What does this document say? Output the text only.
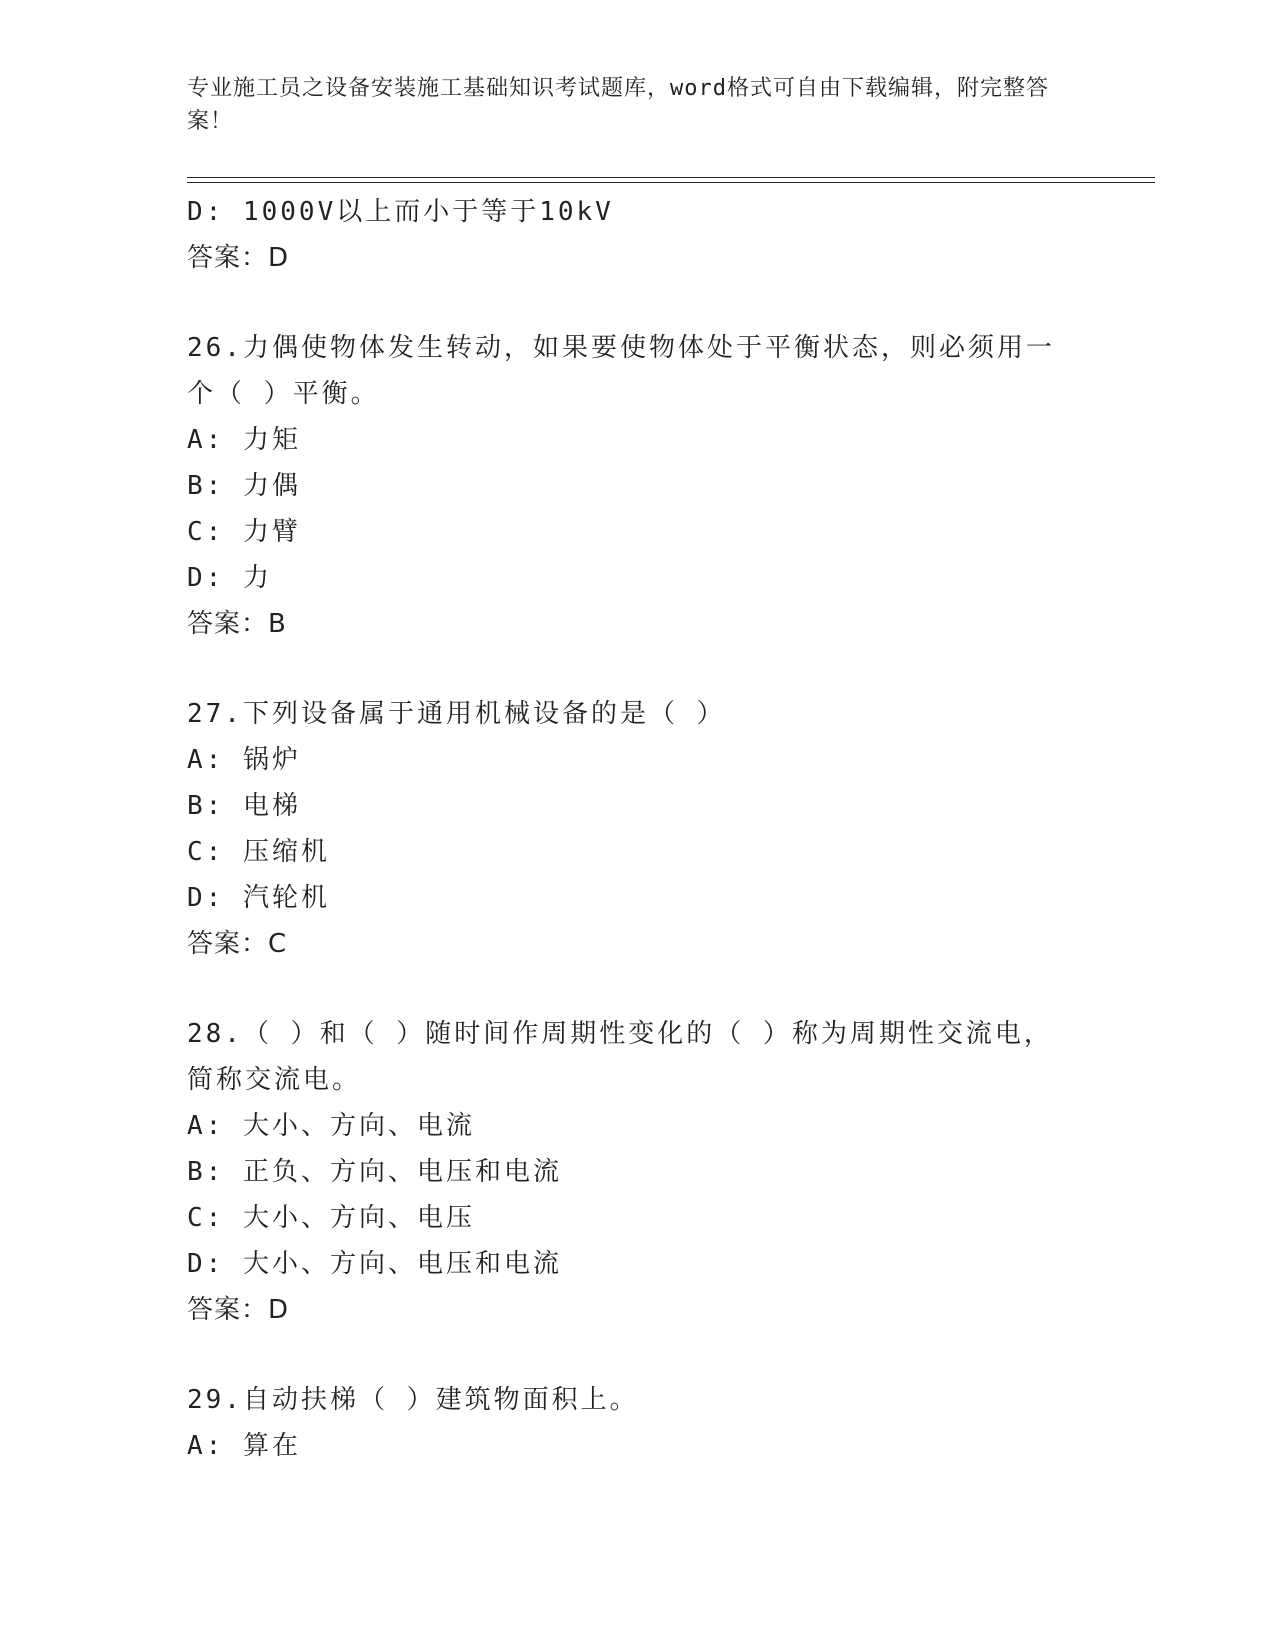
专业施工员之设备安装施工基础知识考试题库，word格式可自由下载编辑，附完整答案！
D: 1000V以上而小于等于10kV
答案：D
26.力偶使物体发生转动，如果要使物体处于平衡状态，则必须用一个（ ）平衡。
A: 力矩
B: 力偶
C: 力臂
D: 力
答案：B
27.下列设备属于通用机械设备的是（ ）
A: 锅炉
B: 电梯
C: 压缩机
D: 汽轮机
答案：C
28.（ ）和（ ）随时间作周期性变化的（ ）称为周期性交流电，简称交流电。
A: 大小、方向、电流
B: 正负、方向、电压和电流
C: 大小、方向、电压
D: 大小、方向、电压和电流
答案：D
29.自动扶梯（ ）建筑物面积上。
A: 算在
